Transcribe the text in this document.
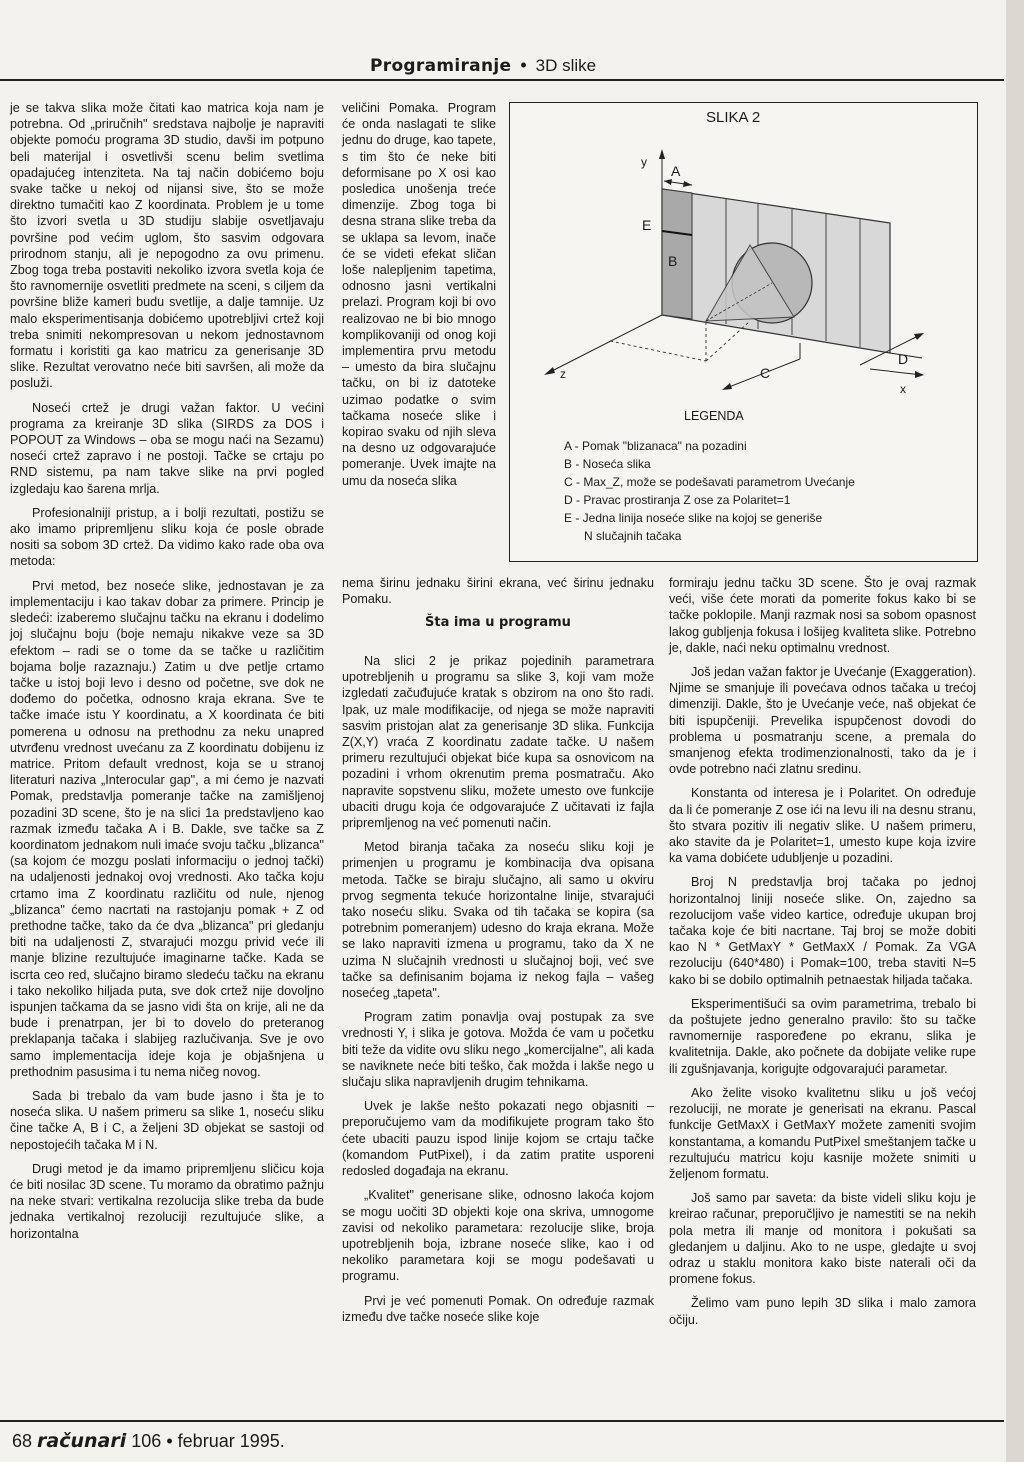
Programiranje • 3D slike

je se takva slika može čitati kao matrica koja nam je potrebna. Od „priručnih" sredstava najbolje je napraviti objekte pomoću programa 3D studio, davši im potpuno beli materijal i osvetlivši scenu belim svetlima opadajućeg intenziteta. Na taj način dobićemo boju svake tačke u nekoj od nijansi sive, što se može direktno tumačiti kao Z koordinata. Problem je u tome što izvori svetla u 3D studiju slabije osvetljavaju površine pod većim uglom, što sasvim odgovara prirodnom stanju, ali je nepogodno za ovu primenu. Zbog toga treba postaviti nekoliko izvora svetla koja će što ravnomernije osvetliti predmete na sceni, s ciljem da površine bliže kameri budu svetlije, a dalje tamnije. Uz malo eksperimentisanja dobićemo upotrebljivi crtež koji treba snimiti nekompresovan u nekom jednostavnom formatu i koristiti ga kao matricu za generisanje 3D slike. Rezultat verovatno neće biti savršen, ali može da posluži.

Noseći crtež je drugi važan faktor. U većini programa za kreiranje 3D slika (SIRDS za DOS i POPOUT za Windows – oba se mogu naći na Sezamu) noseći crtež zapravo i ne postoji. Tačke se crtaju po RND sistemu, pa nam takve slike na prvi pogled izgledaju kao šarena mrlja.

Profesionalniji pristup, a i bolji rezultati, postižu se ako imamo pripremljenu sliku koja će posle obrade nositi sa sobom 3D crtež. Da vidimo kako rade oba ova metoda:

Prvi metod, bez noseće slike, jednostavan je za implementaciju i kao takav dobar za primere. Princip je sledeći: izaberemo slučajnu tačku na ekranu i dodelimo joj slučajnu boju (boje nemaju nikakve veze sa 3D efektom – radi se o tome da se tačke u različitim bojama bolje razaznaju.) Zatim u dve petlje crtamo tačke u istoj boji levo i desno od početne, sve dok ne dođemo do početka, odnosno kraja ekrana. Sve te tačke imaće istu Y koordinatu, a X koordinata će biti pomerena u odnosu na prethodnu za neku unapred utvrđenu vrednost uvećanu za Z koordinatu dobijenu iz matrice. Pritom default vrednost, koja se u stranoj literaturi naziva „Interocular gap", a mi ćemo je nazvati Pomak, predstavlja pomeranje tačke na zamišljenoj pozadini 3D scene, što je na slici 1a predstavljeno kao razmak između tačaka A i B. Dakle, sve tačke sa Z koordinatom jednakom nuli imaće svoju tačku „blizanca" (sa kojom će mozgu poslati informaciju o jednoj tački) na udaljenosti jednakoj ovoj vrednosti. Ako tačka koju crtamo ima Z koordinatu različitu od nule, njenog „blizanca" ćemo nacrtati na rastojanju pomak + Z od prethodne tačke, tako da će dva „blizanca" pri gledanju biti na udaljenosti Z, stvarajući mozgu privid veće ili manje blizine rezultujuće imaginarne tačke. Kada se iscrta ceo red, slučajno biramo sledeću tačku na ekranu i tako nekoliko hiljada puta, sve dok crtež nije dovoljno ispunjen tačkama da se jasno vidi šta on krije, ali ne da bude i prenatrpan, jer bi to dovelo do preteranog preklapanja tačaka i slabijeg razlučivanja. Sve je ovo samo implementacija ideje koja je objašnjena u prethodnim pasusima i tu nema ničeg novog.

Sada bi trebalo da vam bude jasno i šta je to noseća slika. U našem primeru sa slike 1, noseću sliku čine tačke A, B i C, a željeni 3D objekat se sastoji od nepostojećih tačaka M i N.

Drugi metod je da imamo pripremljenu sličicu koja će biti nosilac 3D scene. Tu moramo da obratimo pažnju na neke stvari: vertikalna rezolucija slike treba da bude jednaka vertikalnoj rezoluciji rezultujuće slike, a horizontalna

veličini Pomaka. Program će onda naslagati te slike jednu do druge, kao tapete, s tim što će neke biti deformisane po X osi kao posledica unošenja treće dimenzije. Zbog toga bi desna strana slike treba da se uklapa sa levom, inače će se videti efekat sličan loše nalepljenim tapetima, odnosno jasni vertikalni prelazi. Program koji bi ovo realizovao ne bi bio mnogo komplikovaniji od onog koji implementira prvu metodu – umesto da bira slučajnu tačku, on bi iz datoteke uzimao podatke o svim tačkama noseće slike i kopirao svaku od njih sleva na desno uz odgovarajuće pomeranje. Uvek imajte na umu da noseća slika

nema širinu jednaku širini ekrana, već širinu jednaku Pomaku.

Šta ima u programu

Na slici 2 je prikaz pojedinih parametrara upotrebljenih u programu sa slike 3, koji vam može izgledati začuđujuće kratak s obzirom na ono što radi. Ipak, uz male modifikacije, od njega se može napraviti sasvim pristojan alat za generisanje 3D slika. Funkcija Z(X,Y) vraća Z koordinatu zadate tačke. U našem primeru rezultujući objekat biće kupa sa osnovicom na pozadini i vrhom okrenutim prema posmatraču. Ako napravite sopstvenu sliku, možete umesto ove funkcije ubaciti drugu koja će odgovarajuće Z učitavati iz fajla pripremljenog na već pomenuti način.

Metod biranja tačaka za noseću sliku koji je primenjen u programu je kombinacija dva opisana metoda. Tačke se biraju slučajno, ali samo u okviru prvog segmenta tekuće horizontalne linije, stvarajući tako noseću sliku. Svaka od tih tačaka se kopira (sa potrebnim pomeranjem) udesno do kraja ekrana. Može se lako napraviti izmena u programu, tako da X ne uzima N slučajnih vrednosti u slučajnoj boji, već sve tačke sa definisanim bojama iz nekog fajla – vašeg nosećeg „tapeta".

Program zatim ponavlja ovaj postupak za sve vrednosti Y, i slika je gotova. Možda će vam u početku biti teže da vidite ovu sliku nego „komercijalne", ali kada se naviknete neće biti teško, čak možda i lakše nego u slučaju slika napravljenih drugim tehnikama.

Uvek je lakše nešto pokazati nego objasniti – preporučujemo vam da modifikujete program tako što ćete ubaciti pauzu ispod linije kojom se crtaju tačke (komandom PutPixel), i da zatim pratite usporeni redosled događaja na ekranu.

„Kvalitet" generisane slike, odnosno lakoća kojom se mogu uočiti 3D objekti koje ona skriva, umnogome zavisi od nekoliko parametara: rezolucije slike, broja upotrebljenih boja, izbrane noseće slike, kao i od nekoliko parametara koji se mogu podešavati u programu.

Prvi je već pomenuti Pomak. On određuje razmak između dve tačke noseće slike koje

formiraju jednu tačku 3D scene. Što je ovaj razmak veći, više ćete morati da pomerite fokus kako bi se tačke poklopile. Manji razmak nosi sa sobom opasnost lakog gubljenja fokusa i lošijeg kvaliteta slike. Potrebno je, dakle, naći neku optimalnu vrednost.

Još jedan važan faktor je Uvećanje (Exaggeration). Njime se smanjuje ili povećava odnos tačaka u trećoj dimenziji. Dakle, što je Uvećanje veće, naš objekat će biti ispupčeniji. Prevelika ispupčenost dovodi do problema u posmatranju scene, a premala do smanjenog efekta trodimenzionalnosti, tako da je i ovde potrebno naći zlatnu sredinu.

Konstanta od interesa je i Polaritet. On određuje da li će pomeranje Z ose ići na levu ili na desnu stranu, što stvara pozitiv ili negativ slike. U našem primeru, ako stavite da je Polaritet=1, umesto kupe koja izvire ka vama dobićete udubljenje u pozadini.

Broj N predstavlja broj tačaka po jednoj horizontalnoj liniji noseće slike. On, zajedno sa rezolucijom vaše video kartice, određuje ukupan broj tačaka koje će biti nacrtane. Taj broj se može dobiti kao N * GetMaxY * GetMaxX / Pomak. Za VGA rezoluciju (640*480) i Pomak=100, treba staviti N=5 kako bi se dobilo optimalnih petnaestak hiljada tačaka.

Eksperimentišući sa ovim parametrima, trebalo bi da poštujete jedno generalno pravilo: što su tačke ravnomernije raspoređene po ekranu, slika je kvalitetnija. Dakle, ako počnete da dobijate velike rupe ili zgušnjavanja, korigujte odgovarajući parametar.

Ako želite visoko kvalitetnu sliku u još većoj rezoluciji, ne morate je generisati na ekranu. Pascal funkcije GetMaxX i GetMaxY možete zameniti svojim konstantama, a komandu PutPixel smeštanjem tačke u rezultujuću matricu koju kasnije možete snimiti u željenom formatu.

Još samo par saveta: da biste videli sliku koju je kreirao računar, preporučljivo je namestiti se na nekih pola metra ili manje od monitora i pokušati sa gledanjem u daljinu. Ako to ne uspe, gledajte u svoj odraz u staklu monitora kako biste naterali oči da promene fokus.

Želimo vam puno lepih 3D slika i malo zamora očiju.

SLIKA 2
y
A
E
B
z	C
D
x
LEGENDA
A - Pomak "blizanaca" na pozadini
B - Noseća slika
C - Max_Z, može se podešavati parametrom Uvećanje
D - Pravac prostiranja Z ose za Polaritet=1
E - Jedna linija noseće slike na kojoj se generiše
N slučajnih tačaka
68 računari 106 • februar 1995.
